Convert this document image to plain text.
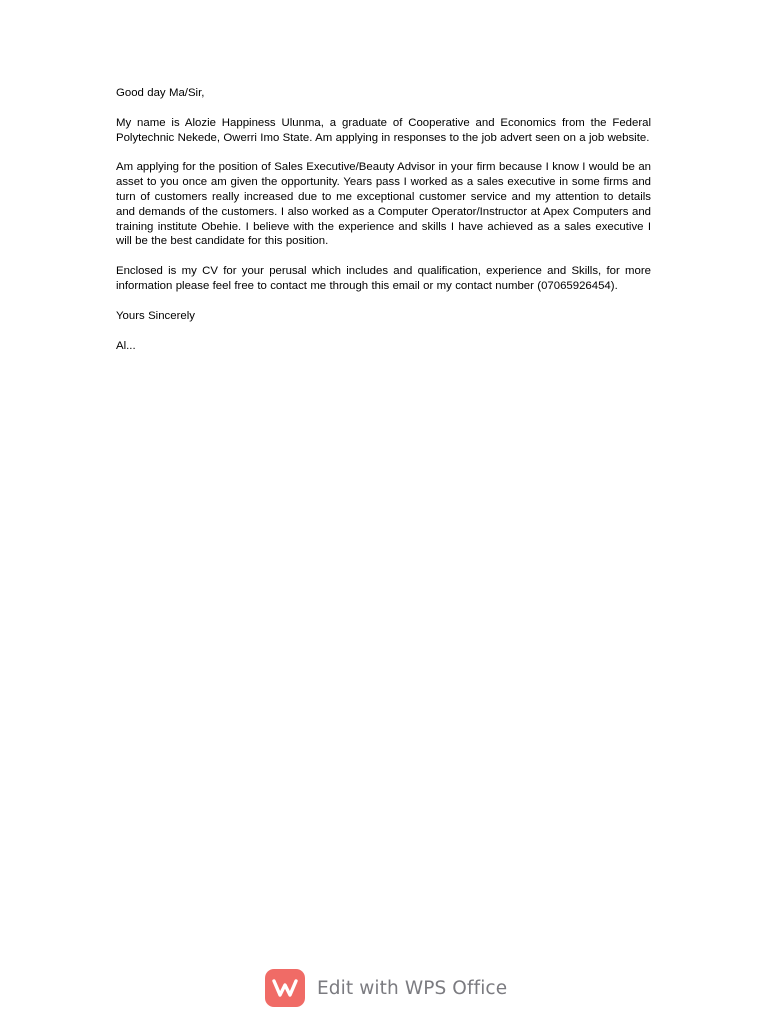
Good day Ma/Sir,

My name is Alozie Happiness Ulunma, a graduate of Cooperative and Economics from the Federal Polytechnic Nekede, Owerri Imo State. Am applying in responses to the job advert seen on a job website.

Am applying for the position of Sales Executive/Beauty Advisor in your firm because I know I would be an asset to you once am given the opportunity. Years pass I worked as a sales executive in some firms and turn of customers really increased due to me exceptional customer service and my attention to details and demands of the customers. I also worked as a Computer Operator/Instructor at Apex Computers and training institute Obehie. I believe with the experience and skills I have achieved as a sales executive I will be the best candidate for this position.

Enclosed is my CV for your perusal which includes and qualification, experience and Skills, for more information please feel free to contact me through this email or my contact number (07065926454).

Yours Sincerely

Al...

Edit with WPS Office
